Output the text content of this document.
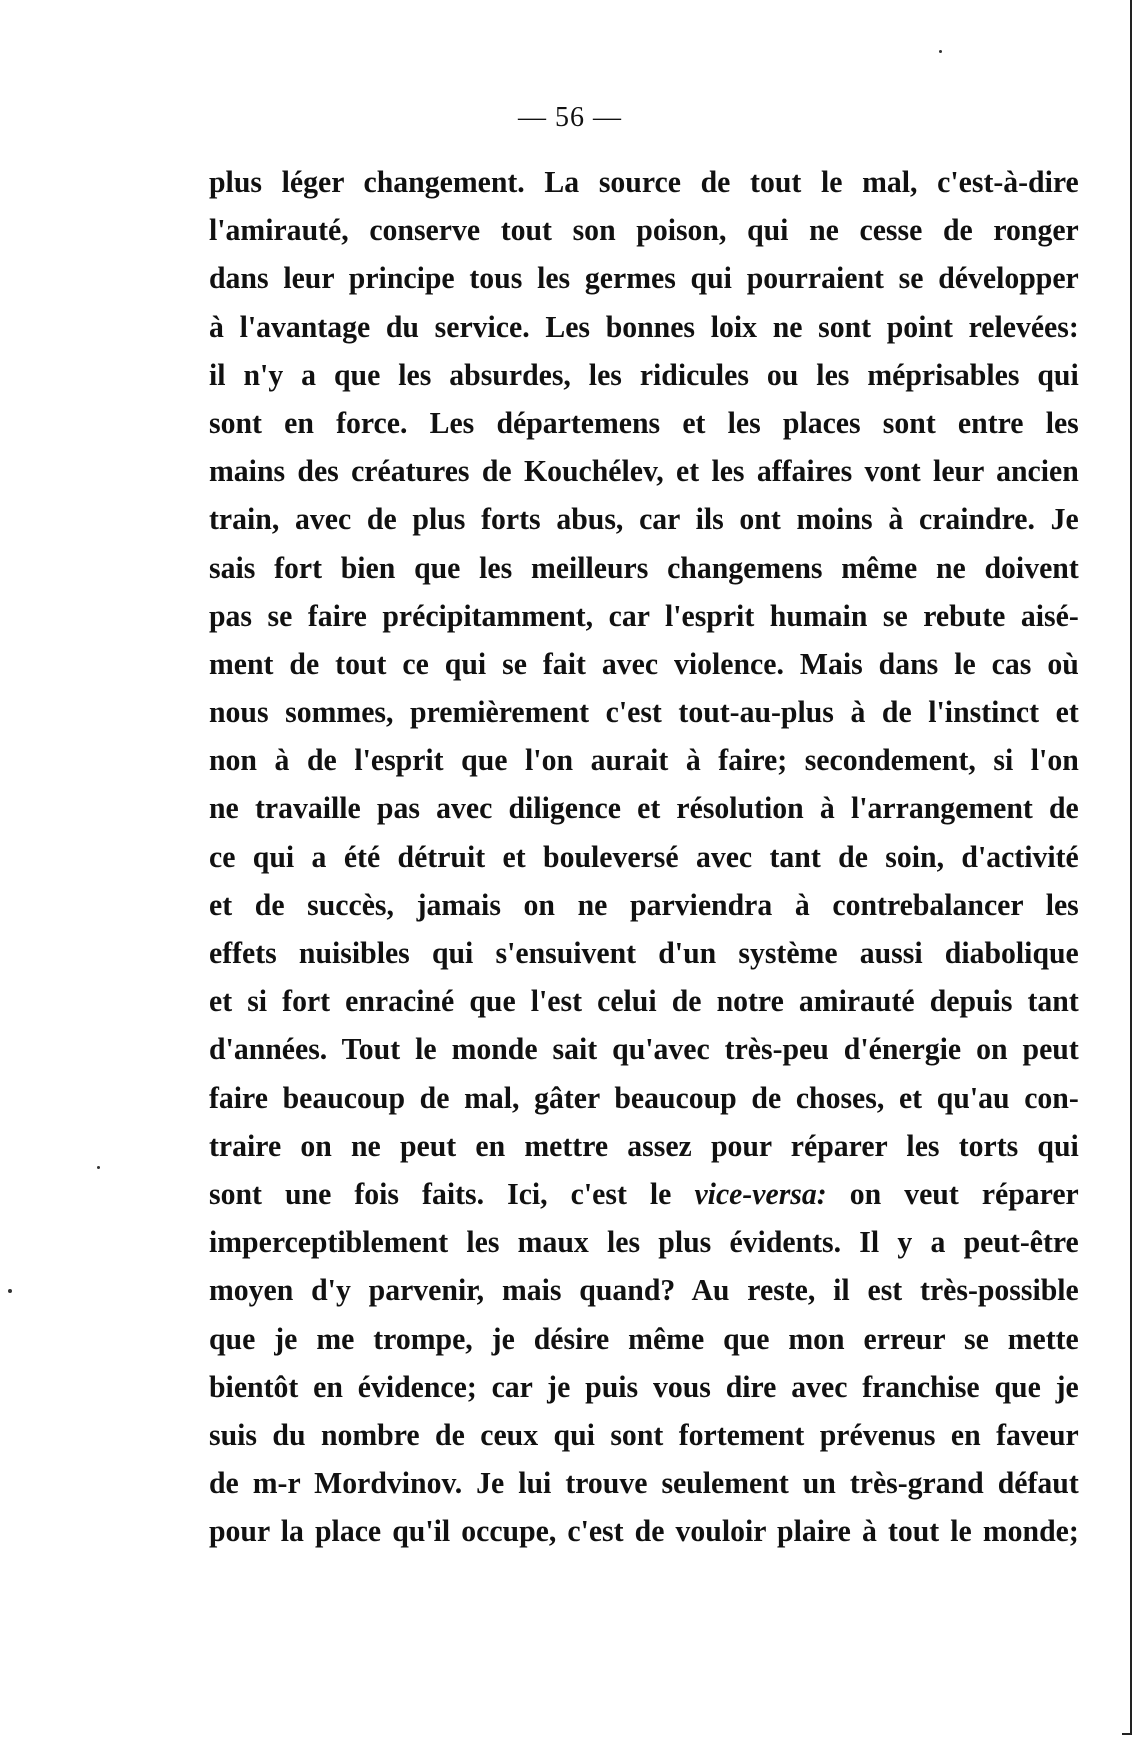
— 56 —
plus léger changement. La source de tout le mal, c'est-à-dire
l'amirauté, conserve tout son poison, qui ne cesse de ronger
dans leur principe tous les germes qui pourraient se développer
à l'avantage du service. Les bonnes loix ne sont point relevées:
il n'y a que les absurdes, les ridicules ou les méprisables qui
sont en force. Les départemens et les places sont entre les
mains des créatures de Kouchélev, et les affaires vont leur ancien
train, avec de plus forts abus, car ils ont moins à craindre. Je
sais fort bien que les meilleurs changemens même ne doivent
pas se faire précipitamment, car l'esprit humain se rebute aisé-
ment de tout ce qui se fait avec violence. Mais dans le cas où
nous sommes, premièrement c'est tout-au-plus à de l'instinct et
non à de l'esprit que l'on aurait à faire; secondement, si l'on
ne travaille pas avec diligence et résolution à l'arrangement de
ce qui a été détruit et bouleversé avec tant de soin, d'activité
et de succès, jamais on ne parviendra à contrebalancer les
effets nuisibles qui s'ensuivent d'un système aussi diabolique
et si fort enraciné que l'est celui de notre amirauté depuis tant
d'années. Tout le monde sait qu'avec très-peu d'énergie on peut
faire beaucoup de mal, gâter beaucoup de choses, et qu'au con-
traire on ne peut en mettre assez pour réparer les torts qui
sont une fois faits. Ici, c'est le vice-versa: on veut réparer
imperceptiblement les maux les plus évidents. Il y a peut-être
moyen d'y parvenir, mais quand? Au reste, il est très-possible
que je me trompe, je désire même que mon erreur se mette
bientôt en évidence; car je puis vous dire avec franchise que je
suis du nombre de ceux qui sont fortement prévenus en faveur
de m-r Mordvinov. Je lui trouve seulement un très-grand défaut
pour la place qu'il occupe, c'est de vouloir plaire à tout le monde;
